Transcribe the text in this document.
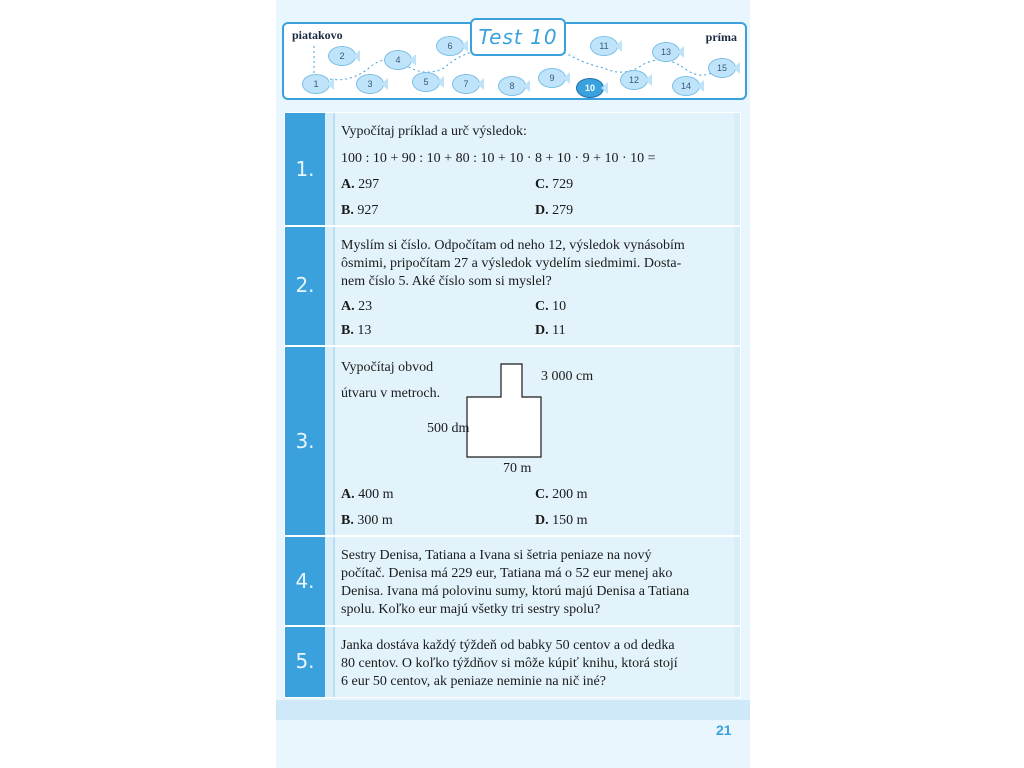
piatakovo	príma
Test 10
1
2
3
4
5
6
7	8
9
10
11
12
13
14
15
1.
Vypočítaj príklad a urč výsledok:
100 : 10 + 90 : 10 + 80 : 10 + 10 · 8 + 10 · 9 + 10 · 10 =
A. 297	C. 729
B. 927	D. 279
2.
Myslím si číslo. Odpočítam od neho 12, výsledok vynásobím
ôsmimi, pripočítam 27 a výsledok vydelím siedmimi. Dosta-
nem číslo 5. Aké číslo som si myslel?
A. 23	C. 10
B. 13	D. 11
3.
Vypočítaj obvod
útvaru v metroch.
3 000 cm
500 dm
70 m
A. 400 m	C. 200 m
B. 300 m	D. 150 m
4.
Sestry Denisa, Tatiana a Ivana si šetria peniaze na nový
počítač. Denisa má 229 eur, Tatiana má o 52 eur menej ako
Denisa. Ivana má polovinu sumy, ktorú majú Denisa a Tatiana
spolu. Koľko eur majú všetky tri sestry spolu?
5.
Janka dostáva každý týždeň od babky 50 centov a od dedka
80 centov. O koľko týždňov si môže kúpiť knihu, ktorá stojí
6 eur 50 centov, ak peniaze neminie na nič iné?
21
